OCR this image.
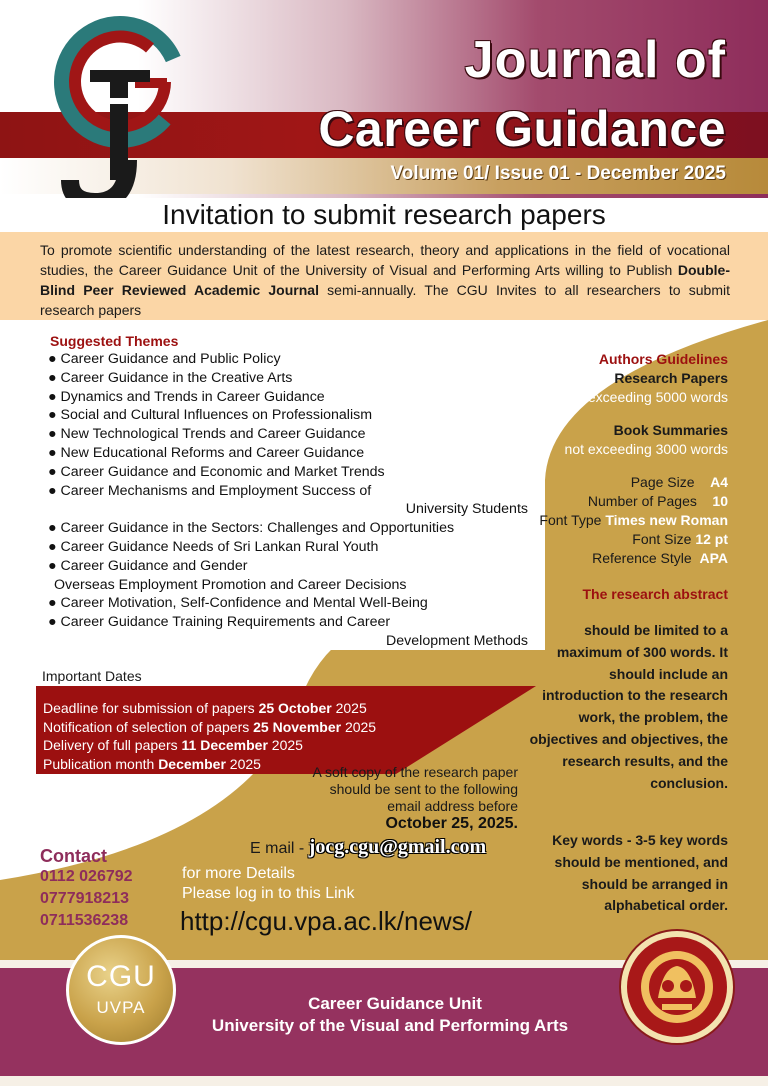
Journal of
Career Guidance
Volume 01/ Issue 01 - December 2025
Invitation to submit research papers

To promote scientific understanding of the latest research, theory and applications in the field of vocational studies, the Career Guidance Unit of the University of Visual and Performing Arts willing to Publish Double-Blind Peer Reviewed Academic Journal semi-annually. The CGU Invites to all researchers to submit research papers

Suggested Themes
● Career Guidance and Public Policy
● Career Guidance in the Creative Arts
● Dynamics and Trends in Career Guidance
● Social and Cultural Influences on Professionalism
● New Technological Trends and Career Guidance
● New Educational Reforms and Career Guidance
● Career Guidance and Economic and Market Trends
● Career Mechanisms and Employment Success of
University Students
● Career Guidance in the Sectors: Challenges and Opportunities
● Career Guidance Needs of Sri Lankan Rural Youth
● Career Guidance and Gender
Overseas Employment Promotion and Career Decisions
● Career Motivation, Self-Confidence and Mental Well-Being
● Career Guidance Training Requirements and Career
Development Methods
Authors Guidelines
Research Papers
not exceeding 5000 words
Book Summaries
not exceeding 3000 words
Page Size A4
Number of Pages 10
Font Type Times new Roman
Font Size 12 pt
Reference Style APA
The research abstract
should be limited to a maximum of 300 words. It should include an introduction to the research work, the problem, the objectives and objectives, the research results, and the conclusion.
Key words - 3-5 key words should be mentioned, and should be arranged in alphabetical order.
Important Dates
Deadline for submission of papers 25 October 2025
Notification of selection of papers 25 November 2025
Delivery of full papers 11 December 2025
Publication month December 2025
A soft copy of the research paper should be sent to the following email address before
October 25, 2025.
E mail - jocg.cgu@gmail.com
Contact
0112 026792
0777918213
0711536238
for more Details
Please log in to this Link
http://cgu.vpa.ac.lk/news/
CGU
UVPA	Career Guidance Unit
University of the Visual and Performing Arts
